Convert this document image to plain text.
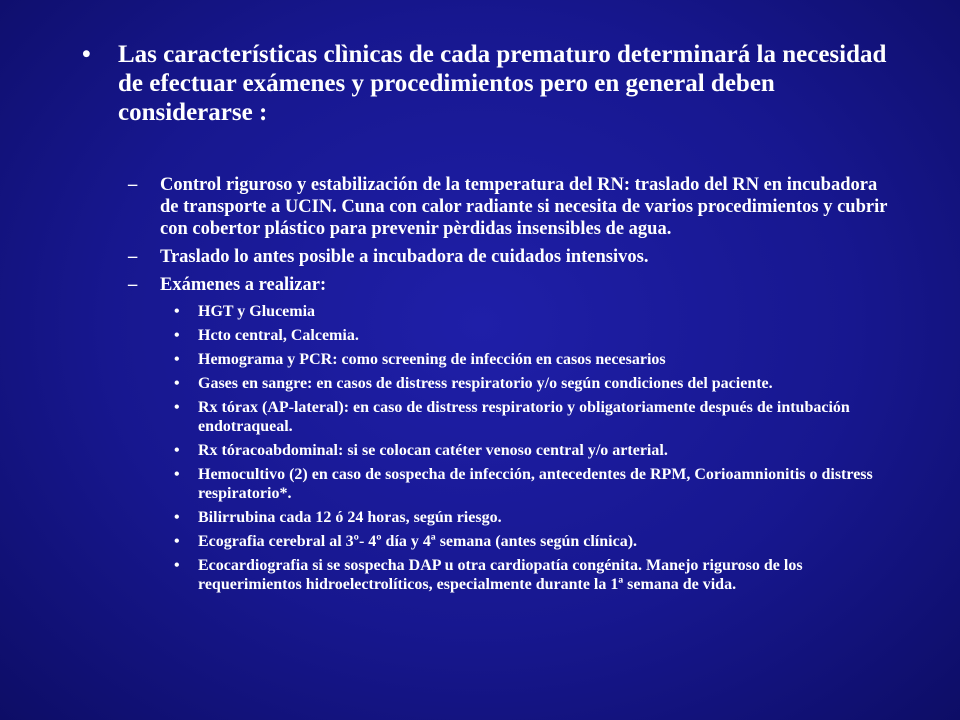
• Las características clìnicas de cada prematuro determinará la necesidad de efectuar exámenes y procedimientos pero en general deben considerarse :
– Control riguroso y estabilización de la temperatura del RN: traslado del RN en incubadora de transporte a UCIN. Cuna con calor radiante si necesita de varios procedimientos y cubrir con cobertor plástico para prevenir pèrdidas insensibles de agua.
– Traslado lo antes posible a incubadora de cuidados intensivos.
– Exámenes a realizar:
• HGT y Glucemia
• Hcto central, Calcemia.
• Hemograma y PCR: como screening de infección en casos necesarios
• Gases en sangre: en casos de distress respiratorio y/o según condiciones del paciente.
• Rx tórax (AP-lateral): en caso de distress respiratorio y obligatoriamente después de intubación endotraqueal.
• Rx tóracoabdominal: si se colocan catéter venoso central y/o arterial.
• Hemocultivo (2) en caso de sospecha de infección, antecedentes de RPM, Corioamnionitis o distress respiratorio*.
• Bilirrubina cada 12 ó 24 horas, según riesgo.
• Ecografia cerebral al 3º- 4º día y 4ª semana (antes según clínica).
• Ecocardiografia si se sospecha DAP u otra cardiopatía congénita. Manejo riguroso de los requerimientos hidroelectrolíticos, especialmente durante la 1ª semana de vida.
